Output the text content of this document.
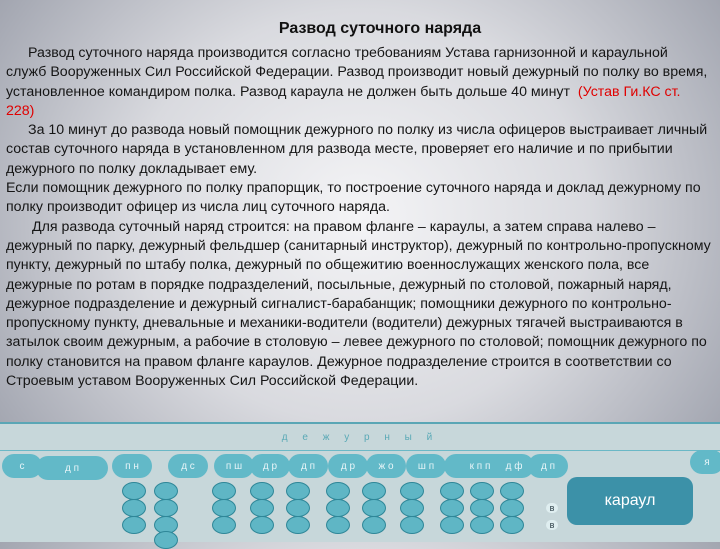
Развод суточного наряда

Развод суточного наряда производится согласно требованиям Устава гарнизонной и караульной служб Вооруженных Сил Российской Федерации. Развод производит новый дежурный по полку во время, установленное командиром полка. Развод караула не должен быть дольше 40 минут (Устав Ги.КС ст. 228)

За 10 минут до развода новый помощник дежурного по полку из числа офицеров выстраивает личный состав суточного наряда в установленном для развода месте, проверяет его наличие и по прибытии дежурного по полку докладывает ему.

Если помощник дежурного по полку прапорщик, то построение суточного наряда и доклад дежурному по полку производит офицер из числа лиц суточного наряда.

Для развода суточный наряд строится: на правом фланге – караулы, а затем справа налево – дежурный по парку, дежурный фельдшер (санитарный инструктор), дежурный по контрольно-пропускному пункту, дежурный по штабу полка, дежурный по общежитию военнослужащих женского пола, все дежурные по ротам в порядке подразделений, посыльные, дежурный по столовой, пожарный наряд, дежурное подразделение и дежурный сигналист-барабанщик; помощники дежурного по контрольно-пропускному пункту, дневальные и механики-водители (водители) дежурных тягачей выстраиваются в затылок своим дежурным, а рабочие в столовую – левее дежурного по столовой; помощник дежурного по полку становится на правом фланге караулов. Дежурное подразделение строится в соответствии со Строевым уставом Вооруженных Сил Российской Федерации.

д е ж у р н ы й
с	д п	п н	д с	п ш	д р	д п	д р	ж о	ш п	к п п	д ф	д п	я
в
в
караул
